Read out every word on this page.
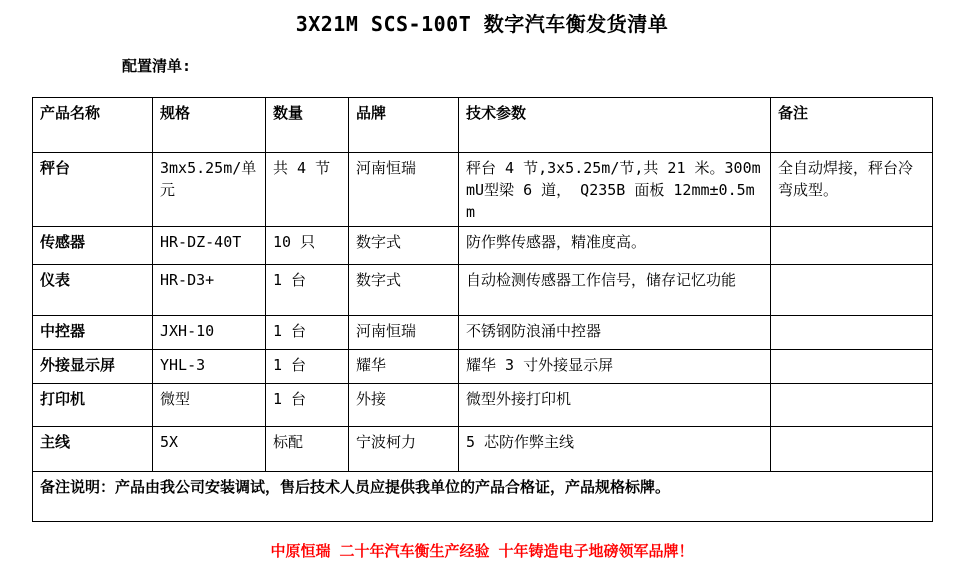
3X21M SCS-100T 数字汽车衡发货清单
配置清单:
产品名称	规格	数量	品牌	技术参数	备注
秤台	3mx5.25m/单元	共 4 节	河南恒瑞	秤台 4 节,3x5.25m/节,共 21 米。300mmU型梁 6 道， Q235B 面板 12mm±0.5mm	全自动焊接，秤台冷弯成型。
传感器	HR-DZ-40T	10 只	数字式	防作弊传感器，精准度高。	
仪表	HR-D3+	1 台	数字式	自动检测传感器工作信号，储存记忆功能	
中控器	JXH-10	1 台	河南恒瑞	不锈钢防浪涌中控器	
外接显示屏	YHL-3	1 台	耀华	耀华 3 寸外接显示屏	
打印机	微型	1 台	外接	微型外接打印机	
主线	5X	标配	宁波柯力	5 芯防作弊主线	
备注说明：产品由我公司安装调试，售后技术人员应提供我单位的产品合格证，产品规格标牌。					
中原恒瑞 二十年汽车衡生产经验 十年铸造电子地磅领军品牌！
